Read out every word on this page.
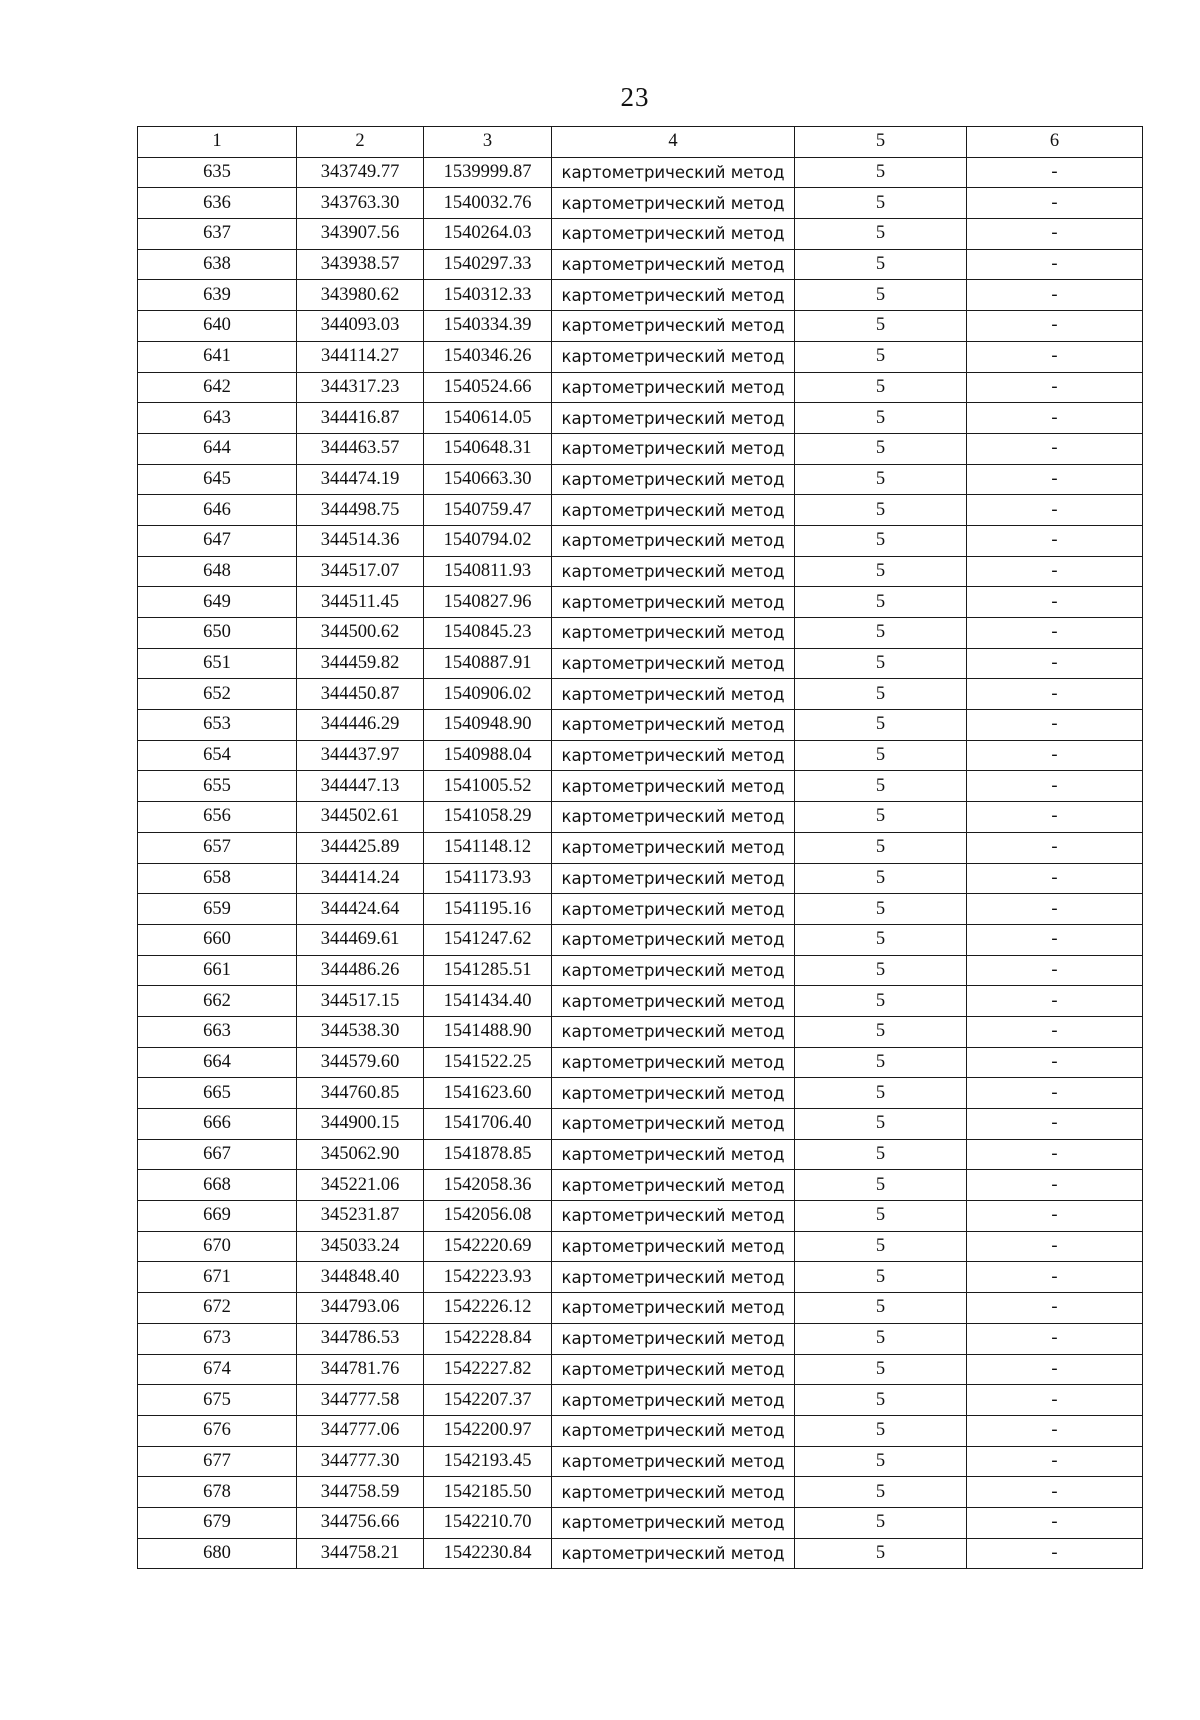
23
1	2	3	4	5	6
635	343749.77	1539999.87	картометрический метод	5	-
636	343763.30	1540032.76	картометрический метод	5	-
637	343907.56	1540264.03	картометрический метод	5	-
638	343938.57	1540297.33	картометрический метод	5	-
639	343980.62	1540312.33	картометрический метод	5	-
640	344093.03	1540334.39	картометрический метод	5	-
641	344114.27	1540346.26	картометрический метод	5	-
642	344317.23	1540524.66	картометрический метод	5	-
643	344416.87	1540614.05	картометрический метод	5	-
644	344463.57	1540648.31	картометрический метод	5	-
645	344474.19	1540663.30	картометрический метод	5	-
646	344498.75	1540759.47	картометрический метод	5	-
647	344514.36	1540794.02	картометрический метод	5	-
648	344517.07	1540811.93	картометрический метод	5	-
649	344511.45	1540827.96	картометрический метод	5	-
650	344500.62	1540845.23	картометрический метод	5	-
651	344459.82	1540887.91	картометрический метод	5	-
652	344450.87	1540906.02	картометрический метод	5	-
653	344446.29	1540948.90	картометрический метод	5	-
654	344437.97	1540988.04	картометрический метод	5	-
655	344447.13	1541005.52	картометрический метод	5	-
656	344502.61	1541058.29	картометрический метод	5	-
657	344425.89	1541148.12	картометрический метод	5	-
658	344414.24	1541173.93	картометрический метод	5	-
659	344424.64	1541195.16	картометрический метод	5	-
660	344469.61	1541247.62	картометрический метод	5	-
661	344486.26	1541285.51	картометрический метод	5	-
662	344517.15	1541434.40	картометрический метод	5	-
663	344538.30	1541488.90	картометрический метод	5	-
664	344579.60	1541522.25	картометрический метод	5	-
665	344760.85	1541623.60	картометрический метод	5	-
666	344900.15	1541706.40	картометрический метод	5	-
667	345062.90	1541878.85	картометрический метод	5	-
668	345221.06	1542058.36	картометрический метод	5	-
669	345231.87	1542056.08	картометрический метод	5	-
670	345033.24	1542220.69	картометрический метод	5	-
671	344848.40	1542223.93	картометрический метод	5	-
672	344793.06	1542226.12	картометрический метод	5	-
673	344786.53	1542228.84	картометрический метод	5	-
674	344781.76	1542227.82	картометрический метод	5	-
675	344777.58	1542207.37	картометрический метод	5	-
676	344777.06	1542200.97	картометрический метод	5	-
677	344777.30	1542193.45	картометрический метод	5	-
678	344758.59	1542185.50	картометрический метод	5	-
679	344756.66	1542210.70	картометрический метод	5	-
680	344758.21	1542230.84	картометрический метод	5	-
